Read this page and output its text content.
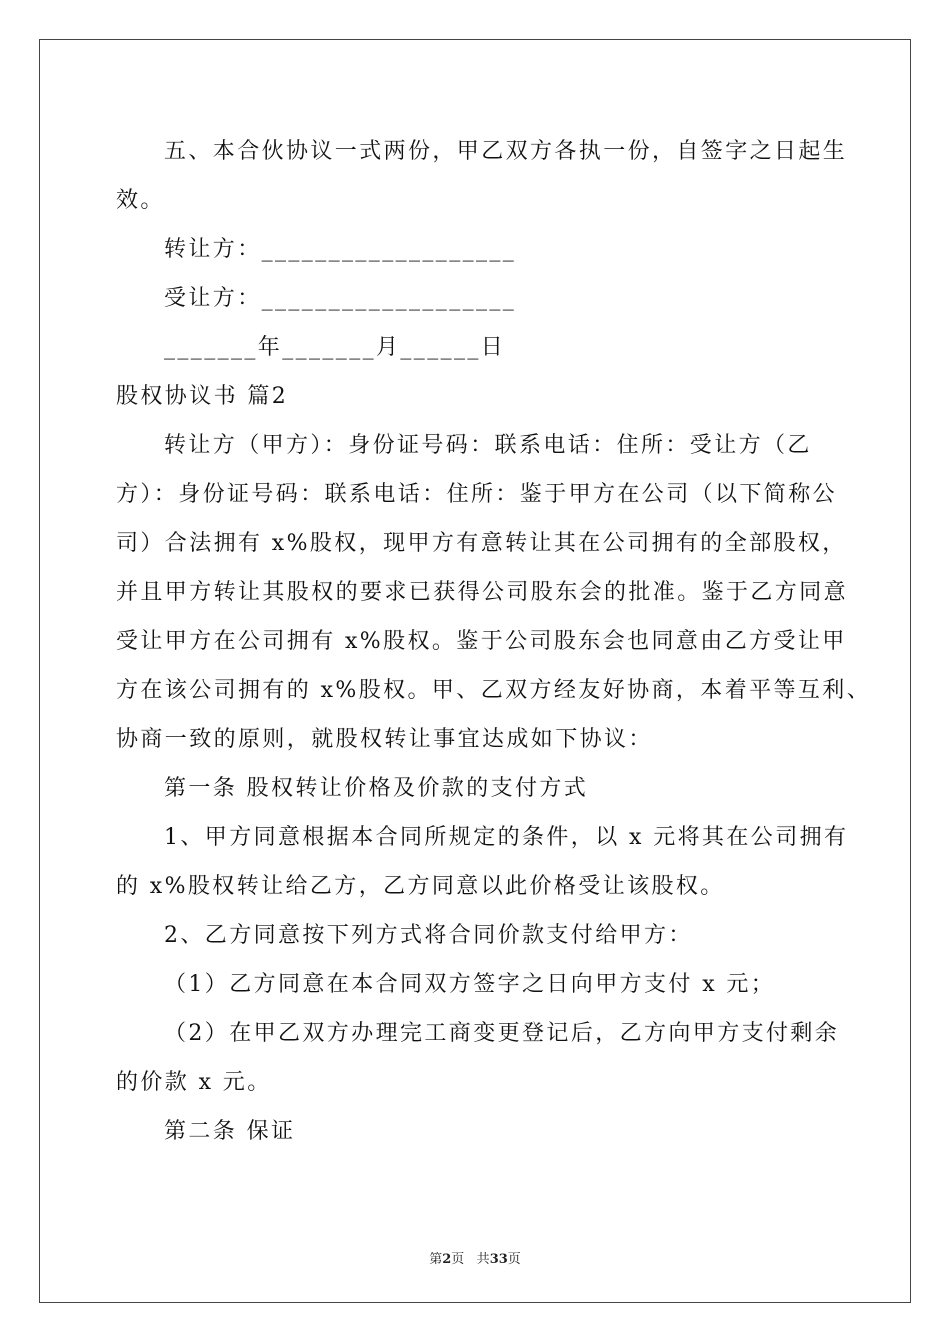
五、本合伙协议一式两份，甲乙双方各执一份，自签字之日起生
效。
转让方：___________________
受让方：___________________
_______年_______月______日
股权协议书 篇2
转让方（甲方）：身份证号码：联系电话：住所：受让方（乙
方）：身份证号码：联系电话：住所：鉴于甲方在公司（以下简称公
司）合法拥有 x%股权，现甲方有意转让其在公司拥有的全部股权，
并且甲方转让其股权的要求已获得公司股东会的批准。鉴于乙方同意
受让甲方在公司拥有 x%股权。鉴于公司股东会也同意由乙方受让甲
方在该公司拥有的 x%股权。甲、乙双方经友好协商，本着平等互利、
协商一致的原则，就股权转让事宜达成如下协议：
第一条 股权转让价格及价款的支付方式
1、甲方同意根据本合同所规定的条件，以 x 元将其在公司拥有
的 x%股权转让给乙方，乙方同意以此价格受让该股权。
2、乙方同意按下列方式将合同价款支付给甲方：
（1）乙方同意在本合同双方签字之日向甲方支付 x 元；
（2）在甲乙双方办理完工商变更登记后，乙方向甲方支付剩余
的价款 x 元。
第二条 保证
第2页 共33页
